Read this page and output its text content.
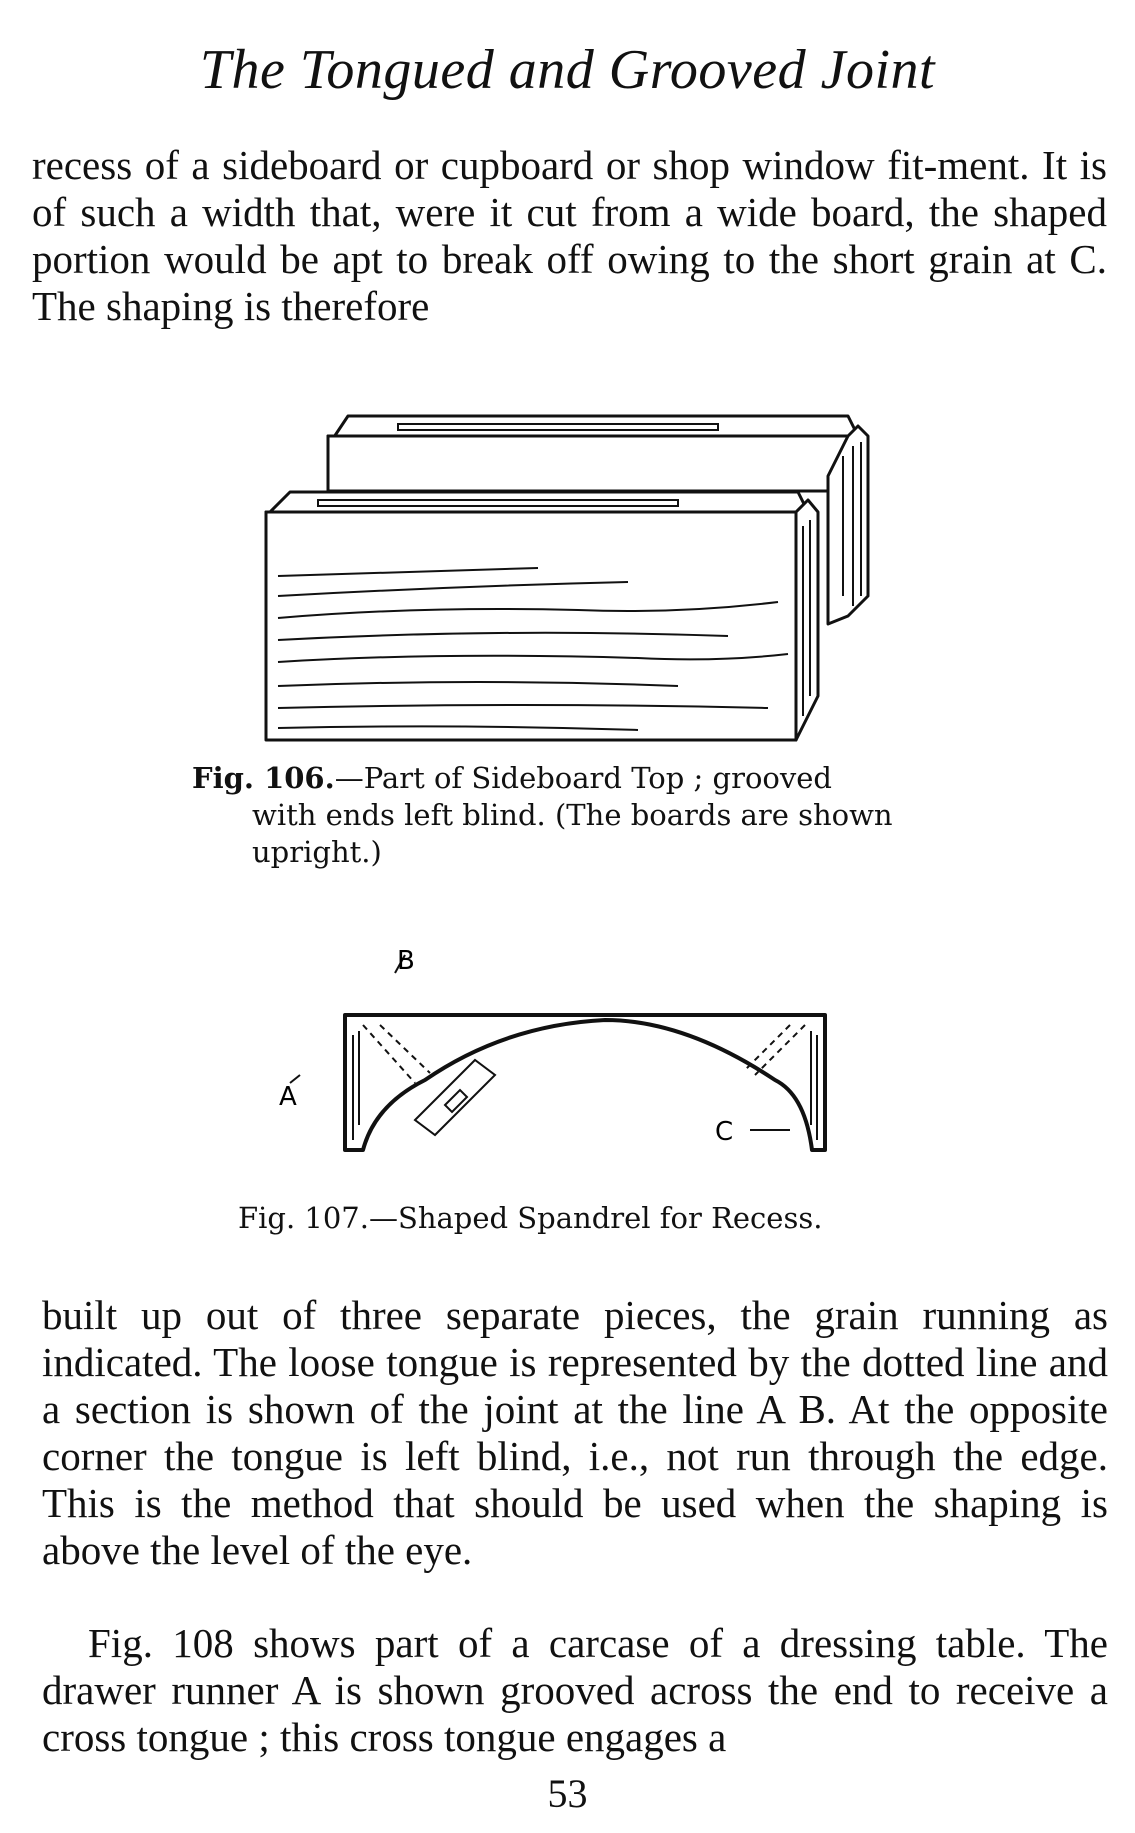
The Tongued and Grooved Joint
recess of a sideboard or cupboard or shop window fit-ment. It is of such a width that, were it cut from a wide board, the shaped portion would be apt to break off owing to the short grain at C. The shaping is therefore
Fig. 106.—Part of Sideboard Top ; grooved
with ends left blind. (The boards are shown upright.)
B
A
C
Fig. 107.—Shaped Spandrel for Recess.
built up out of three separate pieces, the grain running as indicated. The loose tongue is represented by the dotted line and a section is shown of the joint at the line A B. At the opposite corner the tongue is left blind, i.e., not run through the edge. This is the method that should be used when the shaping is above the level of the eye.
Fig. 108 shows part of a carcase of a dressing table. The drawer runner A is shown grooved across the end to receive a cross tongue ; this cross tongue engages a
53
